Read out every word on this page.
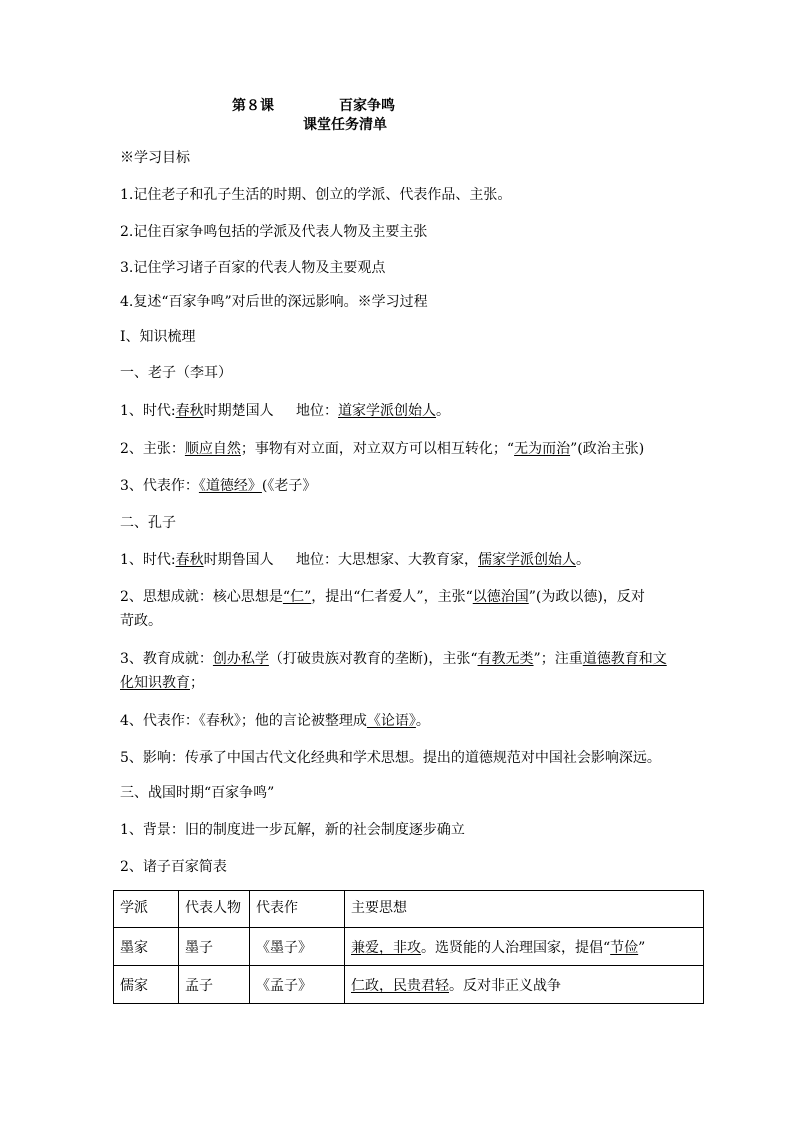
第８课	百家争鸣
课堂任务清单
※学习目标
1.记住老子和孔子生活的时期、创立的学派、代表作品、主张。
2.记住百家争鸣包括的学派及代表人物及主要主张
3.记住学习诸子百家的代表人物及主要观点
4.复述“百家争鸣”对后世的深远影响。※学习过程
Ⅰ、知识梳理
一、老子（李耳）
1、时代:春秋时期楚国人 地位：道家学派创始人。
2、主张：顺应自然；事物有对立面，对立双方可以相互转化；“无为而治”(政治主张)
3、代表作：《道德经》(《老子》
二、孔子
1、时代:春秋时期鲁国人 地位：大思想家、大教育家，儒家学派创始人。
2、思想成就：核心思想是“仁”，提出“仁者爱人”，主张“以德治国”(为政以德)，反对
苛政。
3、教育成就：创办私学（打破贵族对教育的垄断)，主张“有教无类”；注重道德教育和文
化知识教育；
4、代表作：《春秋》；他的言论被整理成《论语》。
5、影响：传承了中国古代文化经典和学术思想。提出的道德规范对中国社会影响深远。
三、战国时期“百家争鸣”
1、背景：旧的制度进一步瓦解，新的社会制度逐步确立
2、诸子百家简表
学派	代表人物	代表作	主要思想
墨家	墨子	《墨子》	兼爱，非攻。选贤能的人治理国家，提倡“节俭”
儒家	孟子	《孟子》	仁政，民贵君轻。反对非正义战争
